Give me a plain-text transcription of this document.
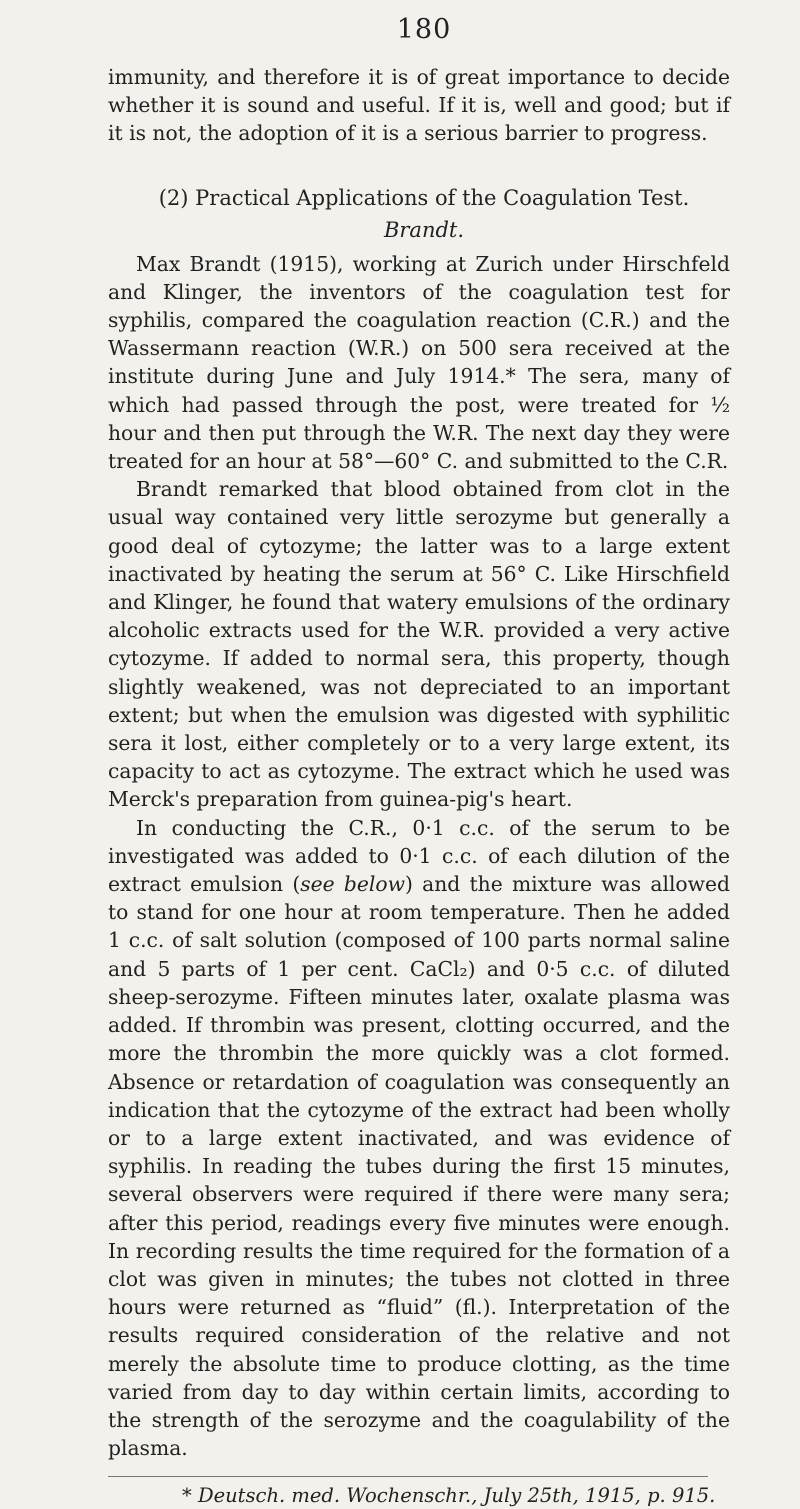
180

immunity, and therefore it is of great importance to decide whether it is sound and useful. If it is, well and good; but if it is not, the adoption of it is a serious barrier to progress.

(2) Practical Applications of the Coagulation Test.
Brandt.

Max Brandt (1915), working at Zurich under Hirschfeld and Klinger, the inventors of the coagulation test for syphilis, compared the coagulation reaction (C.R.) and the Wassermann reaction (W.R.) on 500 sera received at the institute during June and July 1914.* The sera, many of which had passed through the post, were treated for ½ hour and then put through the W.R. The next day they were treated for an hour at 58°—60° C. and submitted to the C.R.

Brandt remarked that blood obtained from clot in the usual way contained very little serozyme but generally a good deal of cytozyme; the latter was to a large extent inactivated by heating the serum at 56° C. Like Hirschfield and Klinger, he found that watery emulsions of the ordinary alcoholic extracts used for the W.R. provided a very active cytozyme. If added to normal sera, this property, though slightly weakened, was not depreciated to an important extent; but when the emulsion was digested with syphilitic sera it lost, either completely or to a very large extent, its capacity to act as cytozyme. The extract which he used was Merck's preparation from guinea-pig's heart.

In conducting the C.R., 0·1 c.c. of the serum to be investigated was added to 0·1 c.c. of each dilution of the extract emulsion (see below) and the mixture was allowed to stand for one hour at room temperature. Then he added 1 c.c. of salt solution (composed of 100 parts normal saline and 5 parts of 1 per cent. CaCl₂) and 0·5 c.c. of diluted sheep-serozyme. Fifteen minutes later, oxalate plasma was added. If thrombin was present, clotting occurred, and the more the thrombin the more quickly was a clot formed. Absence or retardation of coagulation was consequently an indication that the cytozyme of the extract had been wholly or to a large extent inactivated, and was evidence of syphilis. In reading the tubes during the first 15 minutes, several observers were required if there were many sera; after this period, readings every five minutes were enough. In recording results the time required for the formation of a clot was given in minutes; the tubes not clotted in three hours were returned as “fluid” (fl.). Interpretation of the results required consideration of the relative and not merely the absolute time to produce clotting, as the time varied from day to day within certain limits, according to the strength of the serozyme and the coagulability of the plasma.

* Deutsch. med. Wochenschr., July 25th, 1915, p. 915.
